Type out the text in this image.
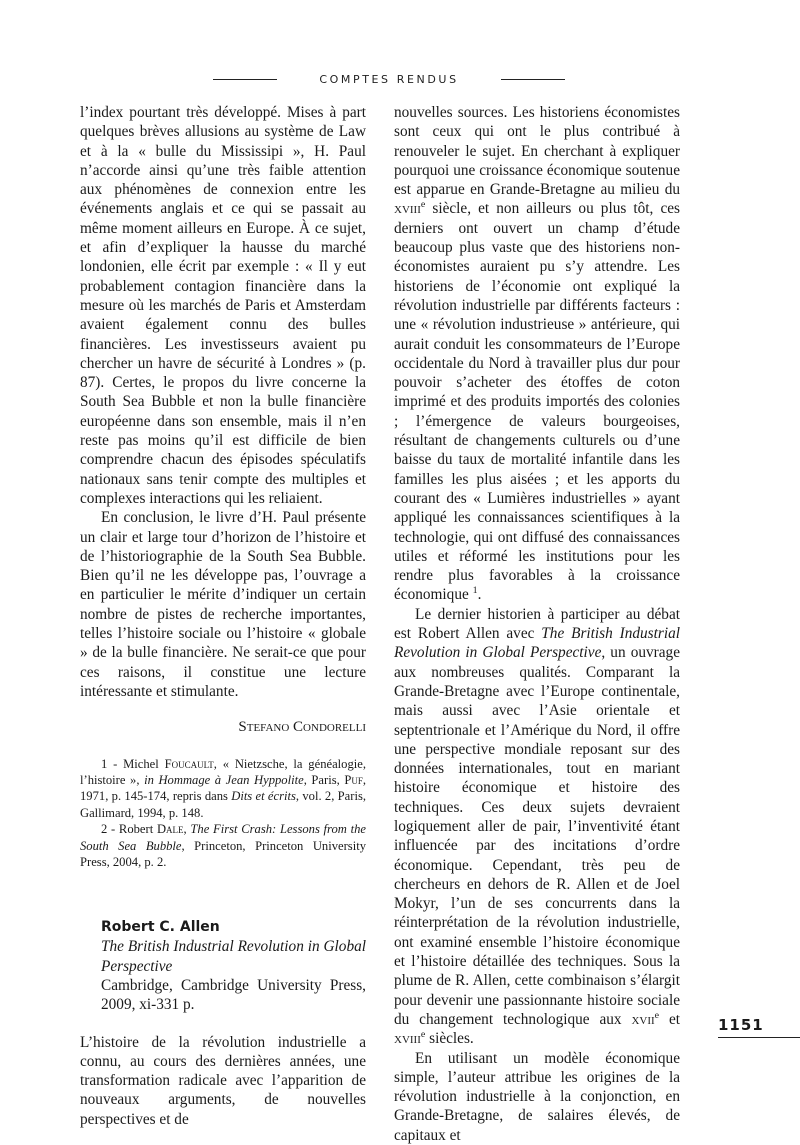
COMPTES RENDUS

l’index pourtant très développé. Mises à part quelques brèves allusions au système de Law et à la « bulle du Mississipi », H. Paul n’accorde ainsi qu’une très faible attention aux phénomènes de connexion entre les événements anglais et ce qui se passait au même moment ailleurs en Europe. À ce sujet, et afin d’expliquer la hausse du marché londonien, elle écrit par exemple : « Il y eut probablement contagion financière dans la mesure où les marchés de Paris et Amsterdam avaient également connu des bulles financières. Les investisseurs avaient pu chercher un havre de sécurité à Londres » (p. 87). Certes, le propos du livre concerne la South Sea Bubble et non la bulle financière européenne dans son ensemble, mais il n’en reste pas moins qu’il est difficile de bien comprendre chacun des épisodes spéculatifs nationaux sans tenir compte des multiples et complexes interactions qui les reliaient.

En conclusion, le livre d’H. Paul présente un clair et large tour d’horizon de l’histoire et de l’historiographie de la South Sea Bubble. Bien qu’il ne les développe pas, l’ouvrage a en particulier le mérite d’indiquer un certain nombre de pistes de recherche importantes, telles l’histoire sociale ou l’histoire « globale » de la bulle financière. Ne serait-ce que pour ces raisons, il constitue une lecture intéressante et stimulante.

Stefano Condorelli

1 - Michel Foucault, « Nietzsche, la généalogie, l’histoire », in Hommage à Jean Hyppolite, Paris, Puf, 1971, p. 145-174, repris dans Dits et écrits, vol. 2, Paris, Gallimard, 1994, p. 148.

2 - Robert Dale, The First Crash: Lessons from the South Sea Bubble, Princeton, Princeton University Press, 2004, p. 2.

Robert C. Allen
The British Industrial Revolution in Global Perspective
Cambridge, Cambridge University Press, 2009, xi-331 p.

L’histoire de la révolution industrielle a connu, au cours des dernières années, une transformation radicale avec l’apparition de nouveaux arguments, de nouvelles perspectives et de

nouvelles sources. Les historiens économistes sont ceux qui ont le plus contribué à renouveler le sujet. En cherchant à expliquer pourquoi une croissance économique soutenue est apparue en Grande-Bretagne au milieu du xviii$^e$ siècle, et non ailleurs ou plus tôt, ces derniers ont ouvert un champ d’étude beaucoup plus vaste que des historiens non-économistes auraient pu s’y attendre. Les historiens de l’économie ont expliqué la révolution industrielle par différents facteurs : une « révolution industrieuse » antérieure, qui aurait conduit les consommateurs de l’Europe occidentale du Nord à travailler plus dur pour pouvoir s’acheter des étoffes de coton imprimé et des produits importés des colonies ; l’émergence de valeurs bourgeoises, résultant de changements culturels ou d’une baisse du taux de mortalité infantile dans les familles les plus aisées ; et les apports du courant des « Lumières industrielles » ayant appliqué les connaissances scientifiques à la technologie, qui ont diffusé des connaissances utiles et réformé les institutions pour les rendre plus favorables à la croissance économique $^1$.

Le dernier historien à participer au débat est Robert Allen avec The British Industrial Revolution in Global Perspective, un ouvrage aux nombreuses qualités. Comparant la Grande-Bretagne avec l’Europe continentale, mais aussi avec l’Asie orientale et septentrionale et l’Amérique du Nord, il offre une perspective mondiale reposant sur des données internationales, tout en mariant histoire économique et histoire des techniques. Ces deux sujets devraient logiquement aller de pair, l’inventivité étant influencée par des incitations d’ordre économique. Cependant, très peu de chercheurs en dehors de R. Allen et de Joel Mokyr, l’un de ses concurrents dans la réinterprétation de la révolution industrielle, ont examiné ensemble l’histoire économique et l’histoire détaillée des techniques. Sous la plume de R. Allen, cette combinaison s’élargit pour devenir une passionnante histoire sociale du changement technologique aux xvii$^e$ et xviii$^e$ siècles.

En utilisant un modèle économique simple, l’auteur attribue les origines de la révolution industrielle à la conjonction, en Grande-Bretagne, de salaires élevés, de capitaux et

1151
